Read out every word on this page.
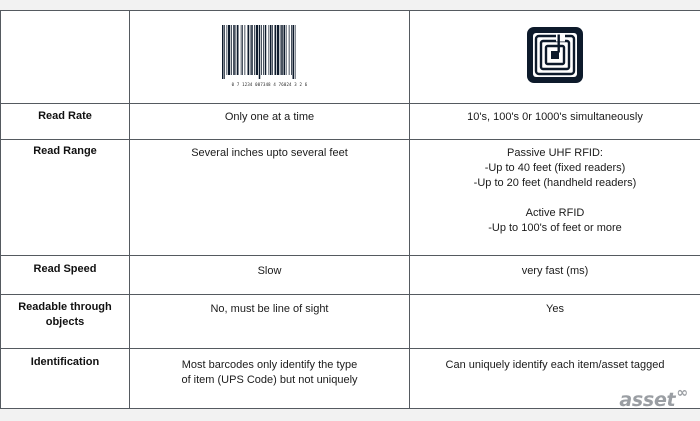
	0 7 1234 007348 4 76024 3 2 6

Read Rate	Only one at a time	10's, 100's 0r 1000's simultaneously
Read Range	Several inches upto several feet	Passive UHF RFID:
-Up to 40 feet (fixed readers)
-Up to 20 feet (handheld readers)
Active RFID
-Up to 100's of feet or more

Read Speed	Slow	very fast (ms)

Readable through
objects	No, must be line of sight	Yes
Identification	Most barcodes only identify the type
of item (UPS Code) but not uniquely	Can uniquely identify each item/asset tagged
asset ∞
